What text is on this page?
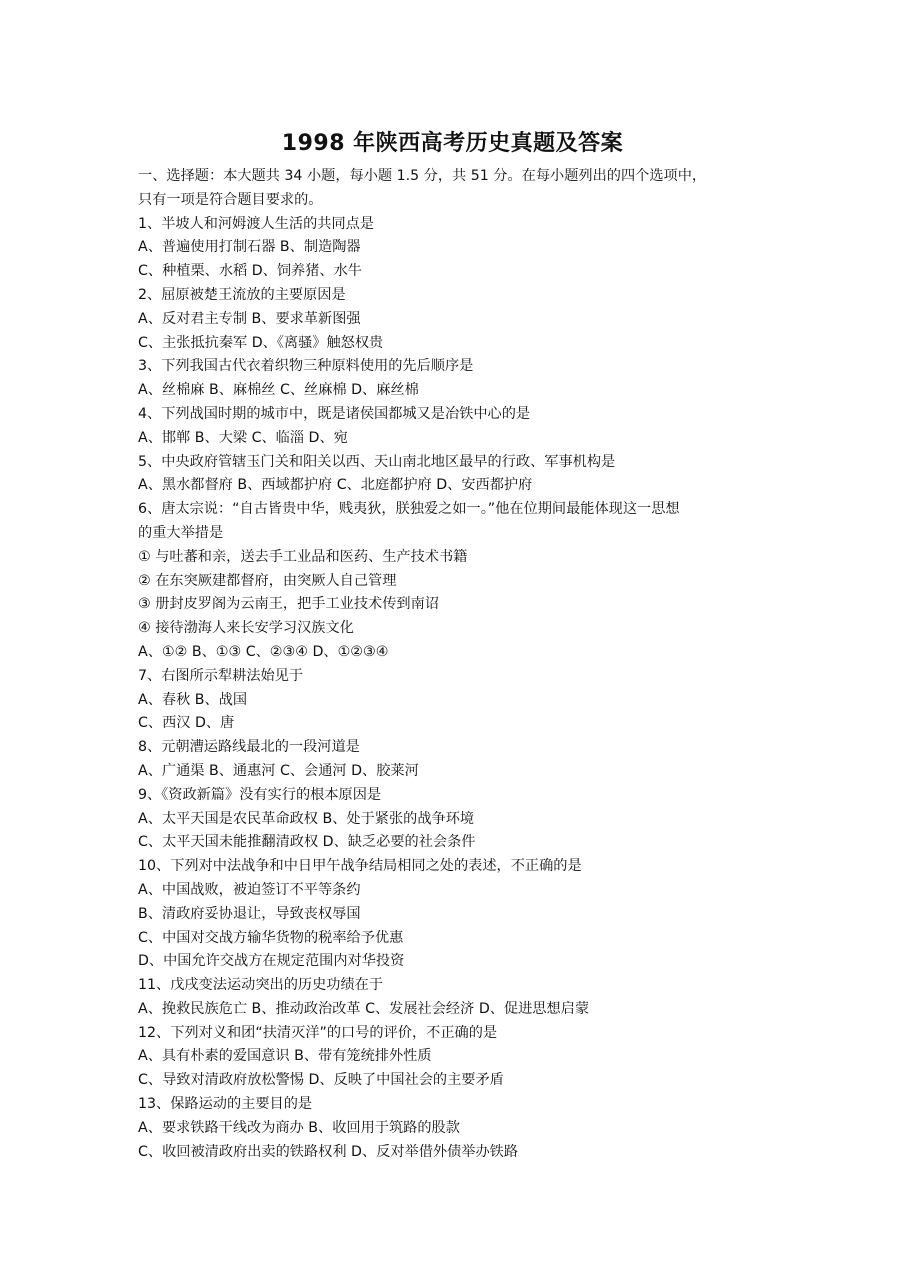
1998 年陕西高考历史真题及答案
一、选择题：本大题共 34 小题，每小题 1.5 分，共 51 分。在每小题列出的四个选项中，
只有一项是符合题目要求的。
1、半坡人和河姆渡人生活的共同点是
A、普遍使用打制石器 B、制造陶器
C、种植栗、水稻 D、饲养猪、水牛
2、屈原被楚王流放的主要原因是
A、反对君主专制 B、要求革新图强
C、主张抵抗秦军 D、《离骚》触怒权贵
3、下列我国古代衣着织物三种原料使用的先后顺序是
A、丝棉麻 B、麻棉丝 C、丝麻棉 D、麻丝棉
4、下列战国时期的城市中，既是诸侯国都城又是冶铁中心的是
A、邯郸 B、大梁 C、临淄 D、宛
5、中央政府管辖玉门关和阳关以西、天山南北地区最早的行政、军事机构是
A、黑水都督府 B、西域都护府 C、北庭都护府 D、安西都护府
6、唐太宗说：“自古皆贵中华，贱夷狄，朕独爱之如一。”他在位期间最能体现这一思想
的重大举措是
① 与吐蕃和亲，送去手工业品和医药、生产技术书籍
② 在东突厥建都督府，由突厥人自己管理
③ 册封皮罗阁为云南王，把手工业技术传到南诏
④ 接待渤海人来长安学习汉族文化
A、①② B、①③ C、②③④ D、①②③④
7、右图所示犁耕法始见于
A、春秋 B、战国
C、西汉 D、唐
8、元朝漕运路线最北的一段河道是
A、广通渠 B、通惠河 C、会通河 D、胶莱河
9、《资政新篇》没有实行的根本原因是
A、太平天国是农民革命政权 B、处于紧张的战争环境
C、太平天国未能推翻清政权 D、缺乏必要的社会条件
10、下列对中法战争和中日甲午战争结局相同之处的表述，不正确的是
A、中国战败，被迫签订不平等条约
B、清政府妥协退让，导致丧权辱国
C、中国对交战方输华货物的税率给予优惠
D、中国允许交战方在规定范围内对华投资
11、戊戌变法运动突出的历史功绩在于
A、挽救民族危亡 B、推动政治改革 C、发展社会经济 D、促进思想启蒙
12、下列对义和团“扶清灭洋”的口号的评价，不正确的是
A、具有朴素的爱国意识 B、带有笼统排外性质
C、导致对清政府放松警惕 D、反映了中国社会的主要矛盾
13、保路运动的主要目的是
A、要求铁路干线改为商办 B、收回用于筑路的股款
C、收回被清政府出卖的铁路权利 D、反对举借外债举办铁路
